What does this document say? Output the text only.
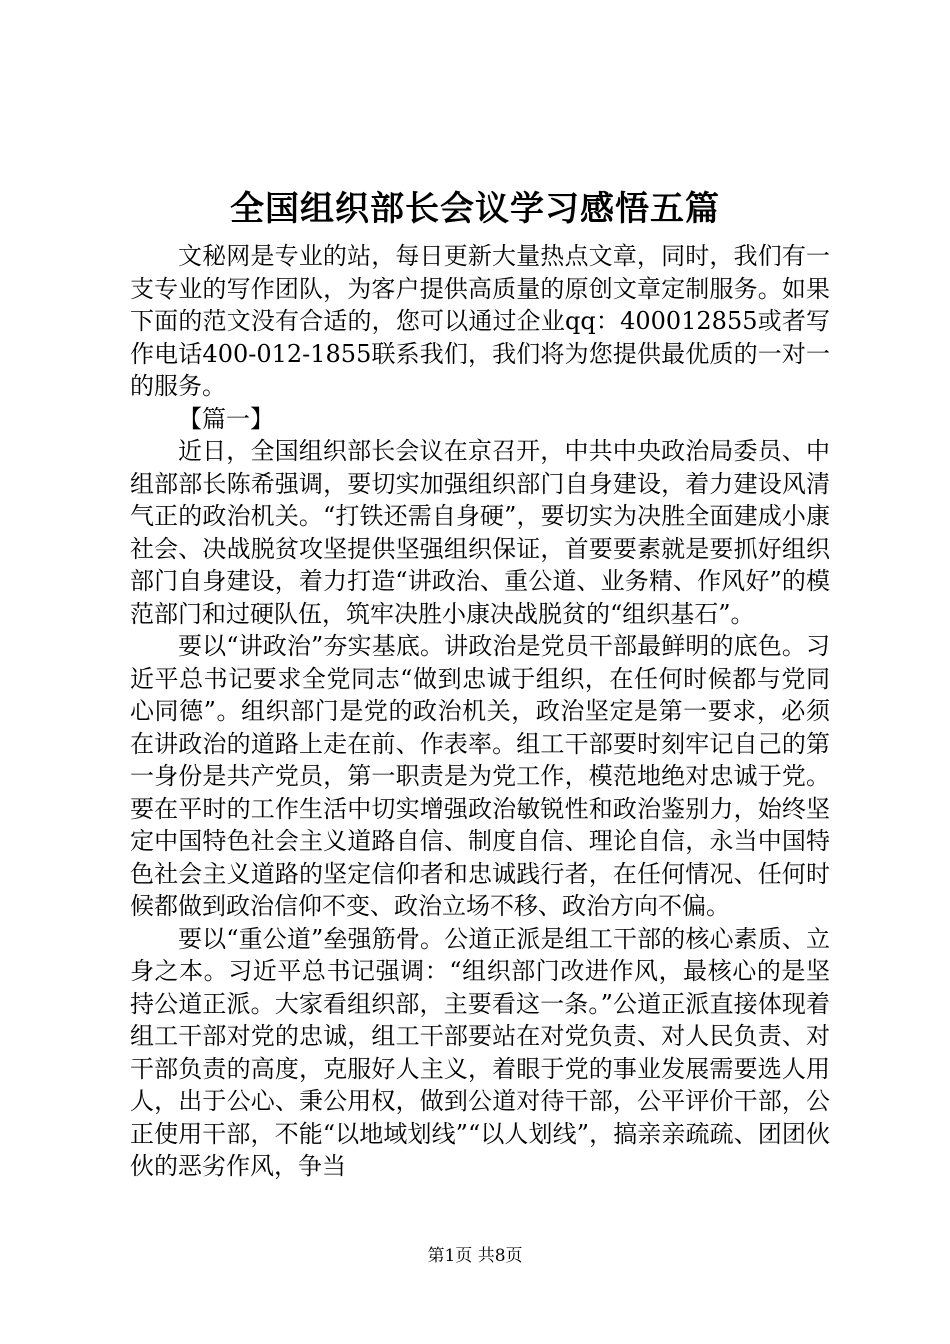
全国组织部长会议学习感悟五篇

文秘网是专业的站，每日更新大量热点文章，同时，我们有一支专业的写作团队，为客户提供高质量的原创文章定制服务。如果下面的范文没有合适的，您可以通过企业qq：400012855或者写作电话400-012-1855联系我们，我们将为您提供最优质的一对一的服务。

【篇一】

近日，全国组织部长会议在京召开，中共中央政治局委员、中组部部长陈希强调，要切实加强组织部门自身建设，着力建设风清气正的政治机关。“打铁还需自身硬”，要切实为决胜全面建成小康社会、决战脱贫攻坚提供坚强组织保证，首要要素就是要抓好组织部门自身建设，着力打造“讲政治、重公道、业务精、作风好”的模范部门和过硬队伍，筑牢决胜小康决战脱贫的“组织基石”。

要以“讲政治”夯实基底。讲政治是党员干部最鲜明的底色。习近平总书记要求全党同志“做到忠诚于组织，在任何时候都与党同心同德”。组织部门是党的政治机关，政治坚定是第一要求，必须在讲政治的道路上走在前、作表率。组工干部要时刻牢记自己的第一身份是共产党员，第一职责是为党工作，模范地绝对忠诚于党。要在平时的工作生活中切实增强政治敏锐性和政治鉴别力，始终坚定中国特色社会主义道路自信、制度自信、理论自信，永当中国特色社会主义道路的坚定信仰者和忠诚践行者，在任何情况、任何时候都做到政治信仰不变、政治立场不移、政治方向不偏。

要以“重公道”垒强筋骨。公道正派是组工干部的核心素质、立身之本。习近平总书记强调：“组织部门改进作风，最核心的是坚持公道正派。大家看组织部，主要看这一条。”公道正派直接体现着组工干部对党的忠诚，组工干部要站在对党负责、对人民负责、对干部负责的高度，克服好人主义，着眼于党的事业发展需要选人用人，出于公心、秉公用权，做到公道对待干部，公平评价干部，公正使用干部，不能“以地域划线”“以人划线”，搞亲亲疏疏、团团伙伙的恶劣作风，争当

第1页 共8页
